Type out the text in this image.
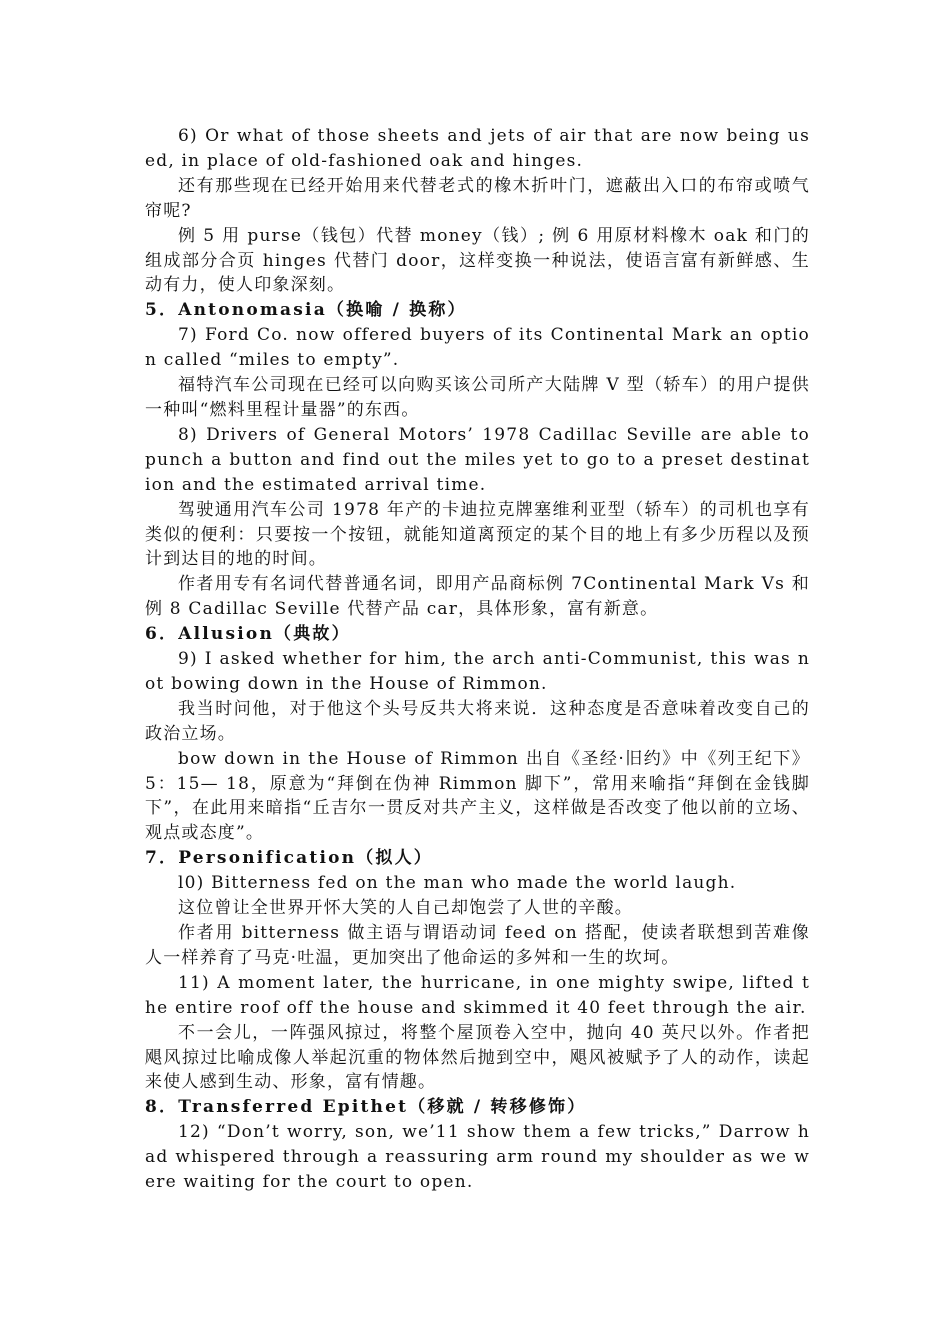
6) Or what of those sheets and jets of air that are now being used, in place of old-fashioned oak and hinges.

还有那些现在已经开始用来代替老式的橡木折叶门，遮蔽出入口的布帘或喷气帘呢?

例 5 用 purse（钱包）代替 money（钱）; 例 6 用原材料橡木 oak 和门的组成部分合页 hinges 代替门 door，这样变换一种说法，使语言富有新鲜感、生动有力，使人印象深刻。

5．Antonomasia（换喻 / 换称）

7) Ford Co. now offered buyers of its Continental Mark an option called “miles to empty”.

福特汽车公司现在已经可以向购买该公司所产大陆牌 V 型（轿车）的用户提供一种叫“燃料里程计量器”的东西。

8) Drivers of General Motors’ 1978 Cadillac Seville are able to punch a button and find out the miles yet to go to a preset destination and the estimated arrival time.

驾驶通用汽车公司 1978 年产的卡迪拉克牌塞维利亚型（轿车）的司机也享有类似的便利：只要按一个按钮，就能知道离预定的某个目的地上有多少历程以及预计到达目的地的时间。

作者用专有名词代替普通名词，即用产品商标例 7Continental Mark Vs 和例 8 Cadillac Seville 代替产品 car，具体形象，富有新意。

6．Allusion（典故）

9) I asked whether for him, the arch anti-Communist, this was not bowing down in the House of Rimmon.

我当时问他，对于他这个头号反共大将来说．这种态度是否意味着改变自己的政治立场。

bow down in the House of Rimmon 出自《圣经·旧约》中《列王纪下》5：15— 18，原意为“拜倒在伪神 Rimmon 脚下”，常用来喻指“拜倒在金钱脚下”，在此用来暗指“丘吉尔一贯反对共产主义，这样做是否改变了他以前的立场、观点或态度”。

7．Personification（拟人）

l0) Bitterness fed on the man who made the world laugh.

这位曾让全世界开怀大笑的人自己却饱尝了人世的辛酸。

作者用 bitterness 做主语与谓语动词 feed on 搭配，使读者联想到苦难像人一样养育了马克·吐温，更加突出了他命运的多舛和一生的坎坷。

11) A moment later, the hurricane, in one mighty swipe, lifted the entire roof off the house and skimmed it 40 feet through the air.

不一会儿，一阵强风掠过，将整个屋顶卷入空中，抛向 40 英尺以外。作者把飓风掠过比喻成像人举起沉重的物体然后抛到空中，飓风被赋予了人的动作，读起来使人感到生动、形象，富有情趣。

8．Transferred Epithet（移就 / 转移修饰）

12) “Don’t worry, son, we’11 show them a few tricks,” Darrow had whispered through a reassuring arm round my shoulder as we were waiting for the court to open.
